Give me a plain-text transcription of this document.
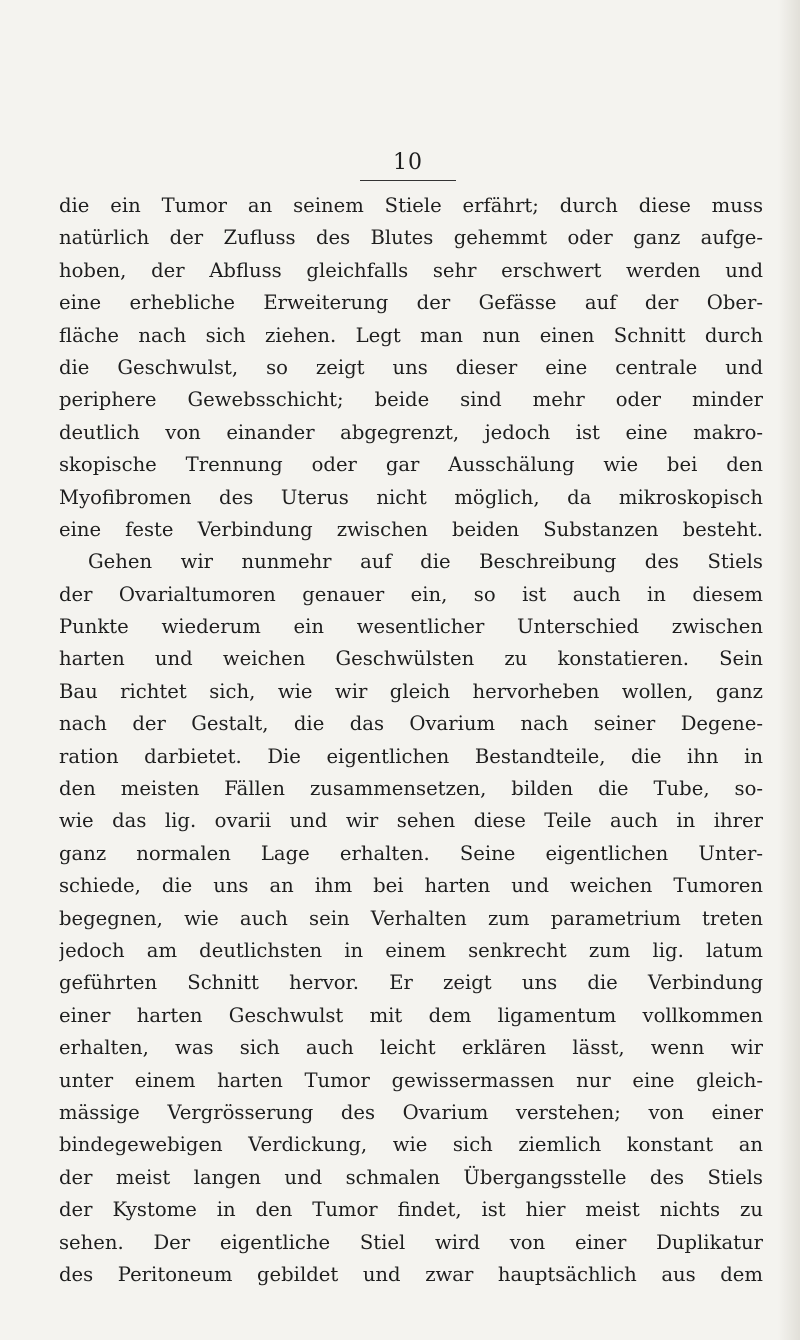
10
die ein Tumor an seinem Stiele erfährt; durch diese muss
natürlich der Zufluss des Blutes gehemmt oder ganz aufge-
hoben, der Abfluss gleichfalls sehr erschwert werden und
eine erhebliche Erweiterung der Gefässe auf der Ober-
fläche nach sich ziehen. Legt man nun einen Schnitt durch
die Geschwulst, so zeigt uns dieser eine centrale und
periphere Gewebsschicht; beide sind mehr oder minder
deutlich von einander abgegrenzt, jedoch ist eine makro-
skopische Trennung oder gar Ausschälung wie bei den
Myofibromen des Uterus nicht möglich, da mikroskopisch
eine feste Verbindung zwischen beiden Substanzen besteht.
Gehen wir nunmehr auf die Beschreibung des Stiels
der Ovarialtumoren genauer ein, so ist auch in diesem
Punkte wiederum ein wesentlicher Unterschied zwischen
harten und weichen Geschwülsten zu konstatieren. Sein
Bau richtet sich, wie wir gleich hervorheben wollen, ganz
nach der Gestalt, die das Ovarium nach seiner Degene-
ration darbietet. Die eigentlichen Bestandteile, die ihn in
den meisten Fällen zusammensetzen, bilden die Tube, so-
wie das lig. ovarii und wir sehen diese Teile auch in ihrer
ganz normalen Lage erhalten. Seine eigentlichen Unter-
schiede, die uns an ihm bei harten und weichen Tumoren
begegnen, wie auch sein Verhalten zum parametrium treten
jedoch am deutlichsten in einem senkrecht zum lig. latum
geführten Schnitt hervor. Er zeigt uns die Verbindung
einer harten Geschwulst mit dem ligamentum vollkommen
erhalten, was sich auch leicht erklären lässt, wenn wir
unter einem harten Tumor gewissermassen nur eine gleich-
mässige Vergrösserung des Ovarium verstehen; von einer
bindegewebigen Verdickung, wie sich ziemlich konstant an
der meist langen und schmalen Übergangsstelle des Stiels
der Kystome in den Tumor findet, ist hier meist nichts zu
sehen. Der eigentliche Stiel wird von einer Duplikatur
des Peritoneum gebildet und zwar hauptsächlich aus dem
